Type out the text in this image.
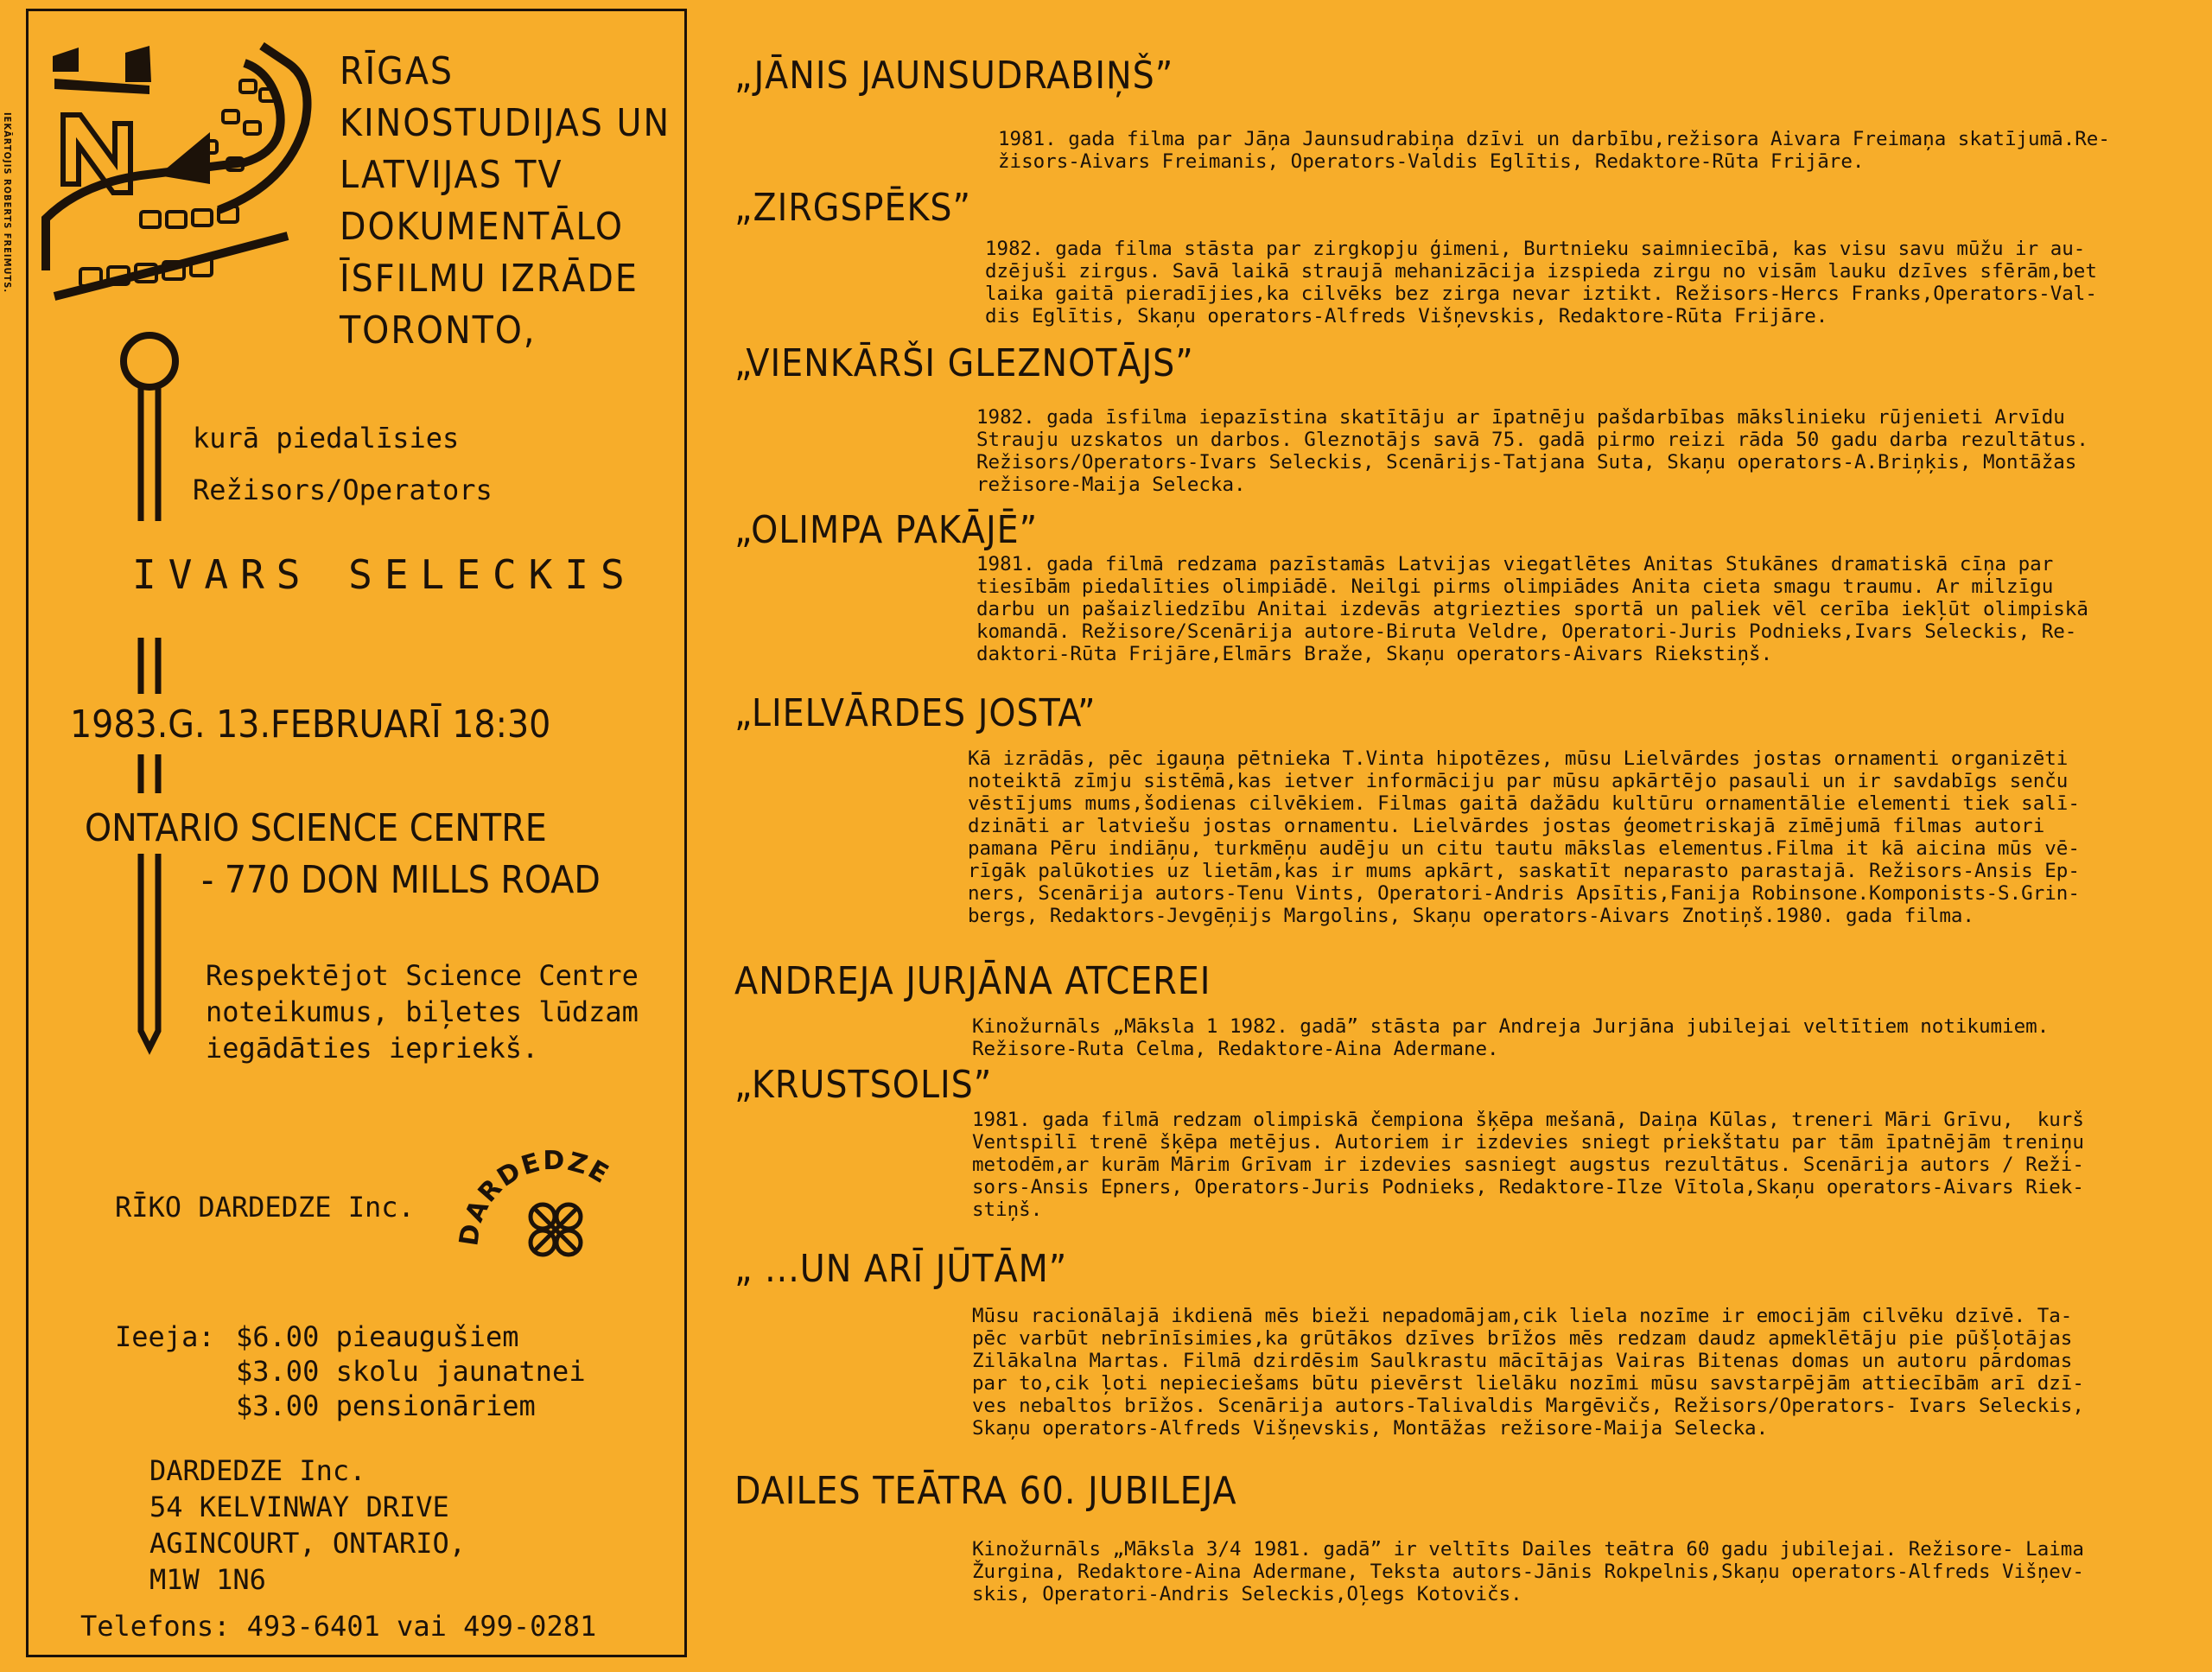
IEKĀRTOJIS ROBERTS FREIMUTS.
RĪGAS
KINOSTUDIJAS UN
LATVIJAS TV
DOKUMENTĀLO
ĪSFILMU IZRĀDE
TORONTO,
kurā piedalīsies
Režisors/Operators
IVARS SELECKIS
1983.G. 13.FEBRUARĪ 18:30
ONTARIO SCIENCE CENTRE
- 770 DON MILLS ROAD
Respektējot Science Centre
noteikumus, biļetes lūdzam
iegādāties iepriekš.
RĪKO DARDEDZE Inc.
DARDEDZE
Ieeja: $6.00 pieaugušiem
$3.00 skolu jaunatnei
$3.00 pensionāriem
DARDEDZE Inc.
54 KELVINWAY DRIVE
AGINCOURT, ONTARIO,
M1W 1N6
Telefons: 493-6401 vai 499-0281
„JĀNIS JAUNSUDRABIŅŠ”
1981. gada filma par Jāņa Jaunsudrabiņa dzīvi un darbību,režisora Aivara Freimaņa skatījumā.Re-
žisors-Aivars Freimanis, Operators-Valdis Eglītis, Redaktore-Rūta Frijāre.
„ZIRGSPĒKS”
1982. gada filma stāsta par zirgkopju ģimeni, Burtnieku saimniecībā, kas visu savu mūžu ir au-
dzējuši zirgus. Savā laikā straujā mehanizācija izspieda zirgu no visām lauku dzīves sfērām,bet
laika gaitā pieradījies,ka cilvēks bez zirga nevar iztikt. Režisors-Hercs Franks,Operators-Val-
dis Eglītis, Skaņu operators-Alfreds Višņevskis, Redaktore-Rūta Frijāre.
„VIENKĀRŠI GLEZNOTĀJS”
1982. gada īsfilma iepazīstina skatītāju ar īpatnēju pašdarbības mākslinieku rūjenieti Arvīdu
Strauju uzskatos un darbos. Gleznotājs savā 75. gadā pirmo reizi rāda 50 gadu darba rezultātus.
Režisors/Operators-Ivars Seleckis, Scenārijs-Tatjana Suta, Skaņu operators-A.Briņķis, Montāžas
režisore-Maija Selecka.
„OLIMPA PAKĀJĒ”
1981. gada filmā redzama pazīstamās Latvijas viegatlētes Anitas Stukānes dramatiskā cīņa par
tiesībām piedalīties olimpiādē. Neilgi pirms olimpiādes Anita cieta smagu traumu. Ar milzīgu
darbu un pašaizliedzību Anitai izdevās atgriezties sportā un paliek vēl cerība iekļūt olimpiskā
komandā. Režisore/Scenārija autore-Biruta Veldre, Operatori-Juris Podnieks,Ivars Seleckis, Re-
daktori-Rūta Frijāre,Elmārs Braže, Skaņu operators-Aivars Riekstiņš.
„LIELVĀRDES JOSTA”
Kā izrādās, pēc igauņa pētnieka T.Vinta hipotēzes, mūsu Lielvārdes jostas ornamenti organizēti
noteiktā zīmju sistēmā,kas ietver informāciju par mūsu apkārtējo pasauli un ir savdabīgs senču
vēstījums mums,šodienas cilvēkiem. Filmas gaitā dažādu kultūru ornamentālie elementi tiek salī-
dzināti ar latviešu jostas ornamentu. Lielvārdes jostas ģeometriskajā zīmējumā filmas autori
pamana Pēru indiāņu, turkmēņu audēju un citu tautu mākslas elementus.Filma it kā aicina mūs vē-
rīgāk palūkoties uz lietām,kas ir mums apkārt, saskatīt neparasto parastajā. Režisors-Ansis Ep-
ners, Scenārija autors-Tenu Vints, Operatori-Andris Apsītis,Fanija Robinsone.Komponists-S.Grin-
bergs, Redaktors-Jevgēņijs Margolins, Skaņu operators-Aivars Znotiņš.1980. gada filma.
ANDREJA JURJĀNA ATCEREI
Kinožurnāls „Māksla 1 1982. gadā” stāsta par Andreja Jurjāna jubilejai veltītiem notikumiem.
Režisore-Ruta Celma, Redaktore-Aina Adermane.
„KRUSTSOLIS”
1981. gada filmā redzam olimpiskā čempiona šķēpa mešanā, Daiņa Kūlas, treneri Māri Grīvu,  kurš
Ventspilī trenē šķēpa metējus. Autoriem ir izdevies sniegt priekštatu par tām īpatnējām treniņu
metodēm,ar kurām Mārim Grīvam ir izdevies sasniegt augstus rezultātus. Scenārija autors / Reži-
sors-Ansis Epners, Operators-Juris Podnieks, Redaktore-Ilze Vītola,Skaņu operators-Aivars Riek-
stiņš.
„ ...UN ARĪ JŪTĀM”
Mūsu racionālajā ikdienā mēs bieži nepadomājam,cik liela nozīme ir emocijām cilvēku dzīvē. Ta-
pēc varbūt nebrīnīsimies,ka grūtākos dzīves brīžos mēs redzam daudz apmeklētāju pie pūšļotājas
Zilākalna Martas. Filmā dzirdēsim Saulkrastu mācītājas Vairas Bitenas domas un autoru pārdomas
par to,cik ļoti nepieciešams būtu pievērst lielāku nozīmi mūsu savstarpējām attiecībām arī dzī-
ves nebaltos brīžos. Scenārija autors-Talivaldis Margēvičs, Režisors/Operators- Ivars Seleckis,
Skaņu operators-Alfreds Višņevskis, Montāžas režisore-Maija Selecka.
DAILES TEĀTRA 60. JUBILEJA
Kinožurnāls „Māksla 3/4 1981. gadā” ir veltīts Dailes teātra 60 gadu jubilejai. Režisore- Laima
Žurgina, Redaktore-Aina Adermane, Teksta autors-Jānis Rokpelnis,Skaņu operators-Alfreds Višņev-
skis, Operatori-Andris Seleckis,Oļegs Kotovičs.
